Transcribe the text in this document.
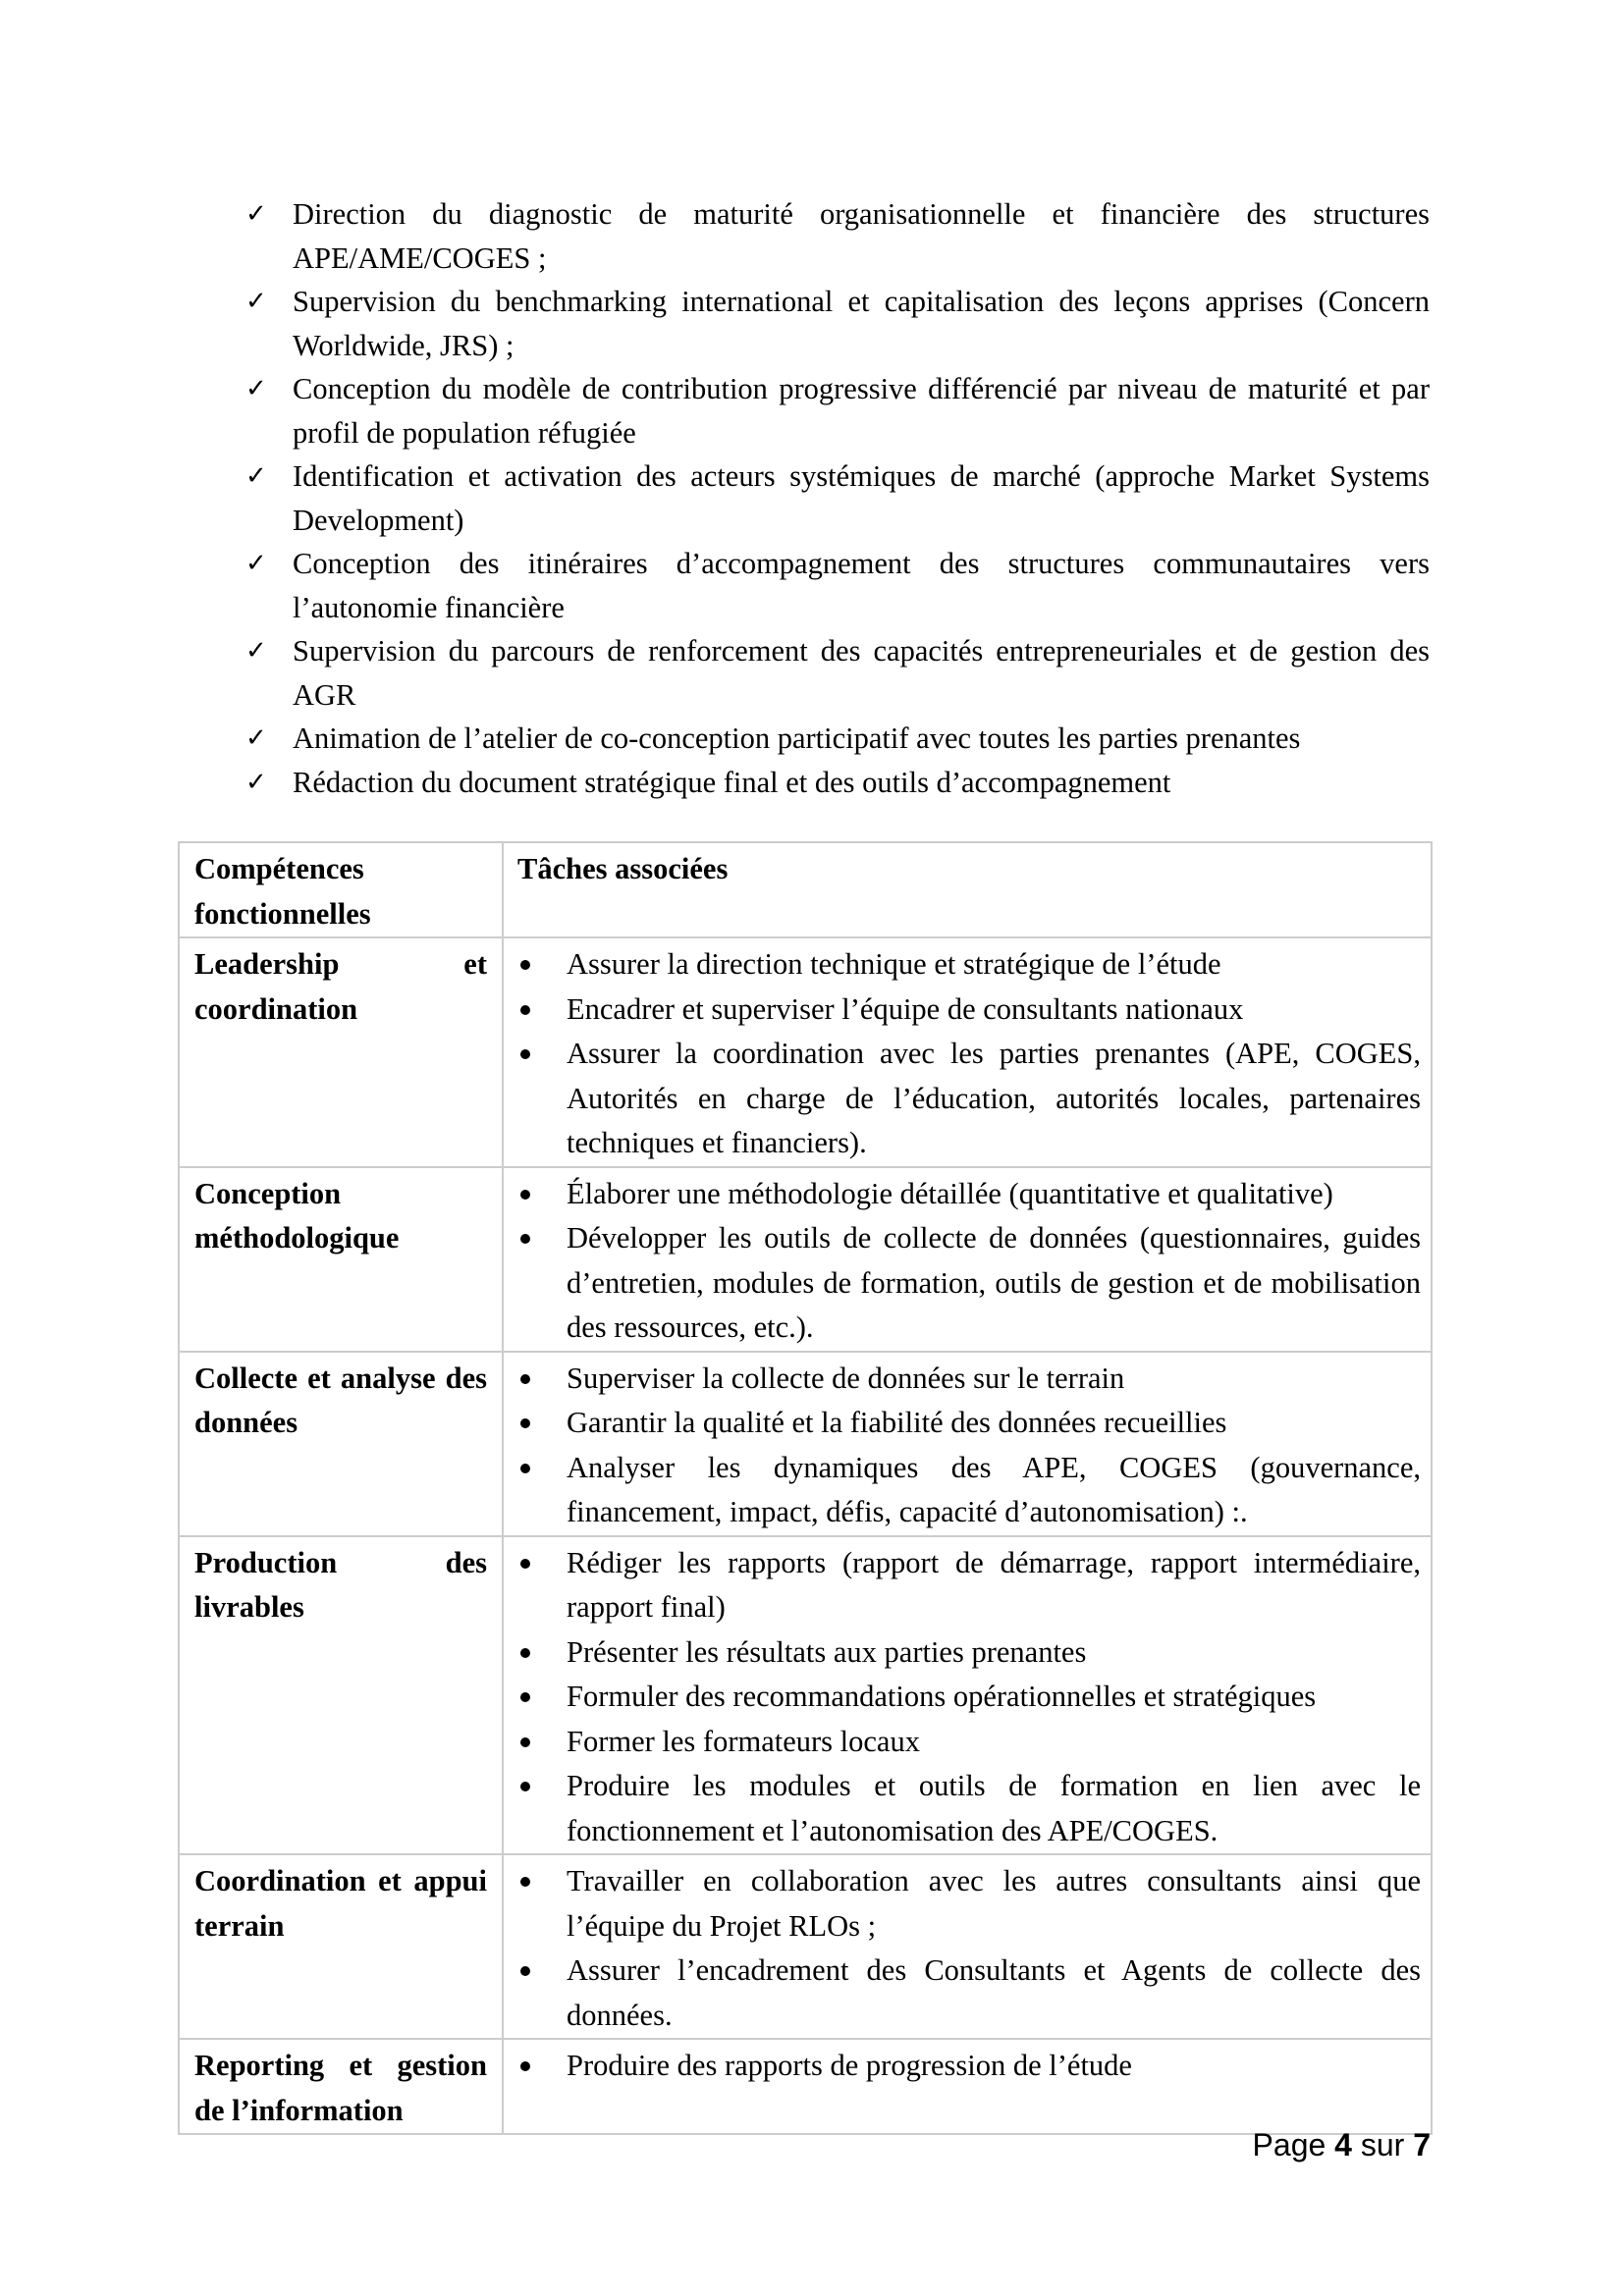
✓ Direction du diagnostic de maturité organisationnelle et financière des structures APE/AME/COGES ;
✓ Supervision du benchmarking international et capitalisation des leçons apprises (Concern Worldwide, JRS) ;
✓ Conception du modèle de contribution progressive différencié par niveau de maturité et par profil de population réfugiée
✓ Identification et activation des acteurs systémiques de marché (approche Market Systems Development)
✓ Conception des itinéraires d’accompagnement des structures communautaires vers l’autonomie financière
✓ Supervision du parcours de renforcement des capacités entrepreneuriales et de gestion des AGR
✓ Animation de l’atelier de co-conception participatif avec toutes les parties prenantes
✓ Rédaction du document stratégique final et des outils d’accompagnement
Compétences fonctionnelles	Tâches associées
Leadership et coordination	
Assurer la direction technique et stratégique de l’étude
Encadrer et superviser l’équipe de consultants nationaux
Assurer la coordination avec les parties prenantes (APE, COGES, Autorités en charge de l’éducation, autorités locales, partenaires techniques et financiers).

Conception méthodologique	
Élaborer une méthodologie détaillée (quantitative et qualitative)
Développer les outils de collecte de données (questionnaires, guides d’entretien, modules de formation, outils de gestion et de mobilisation des ressources, etc.).

Collecte et analyse des données	
Superviser la collecte de données sur le terrain
Garantir la qualité et la fiabilité des données recueillies
Analyser les dynamiques des APE, COGES (gouvernance, financement, impact, défis, capacité d’autonomisation) :.

Production des livrables	
Rédiger les rapports (rapport de démarrage, rapport intermédiaire, rapport final)
Présenter les résultats aux parties prenantes
Formuler des recommandations opérationnelles et stratégiques
Former les formateurs locaux
Produire les modules et outils de formation en lien avec le fonctionnement et l’autonomisation des APE/COGES.

Coordination et appui terrain	
Travailler en collaboration avec les autres consultants ainsi que l’équipe du Projet RLOs ;
Assurer l’encadrement des Consultants et Agents de collecte des données.

Reporting et gestion de l’information	
Produire des rapports de progression de l’étude
Page 4 sur 7
